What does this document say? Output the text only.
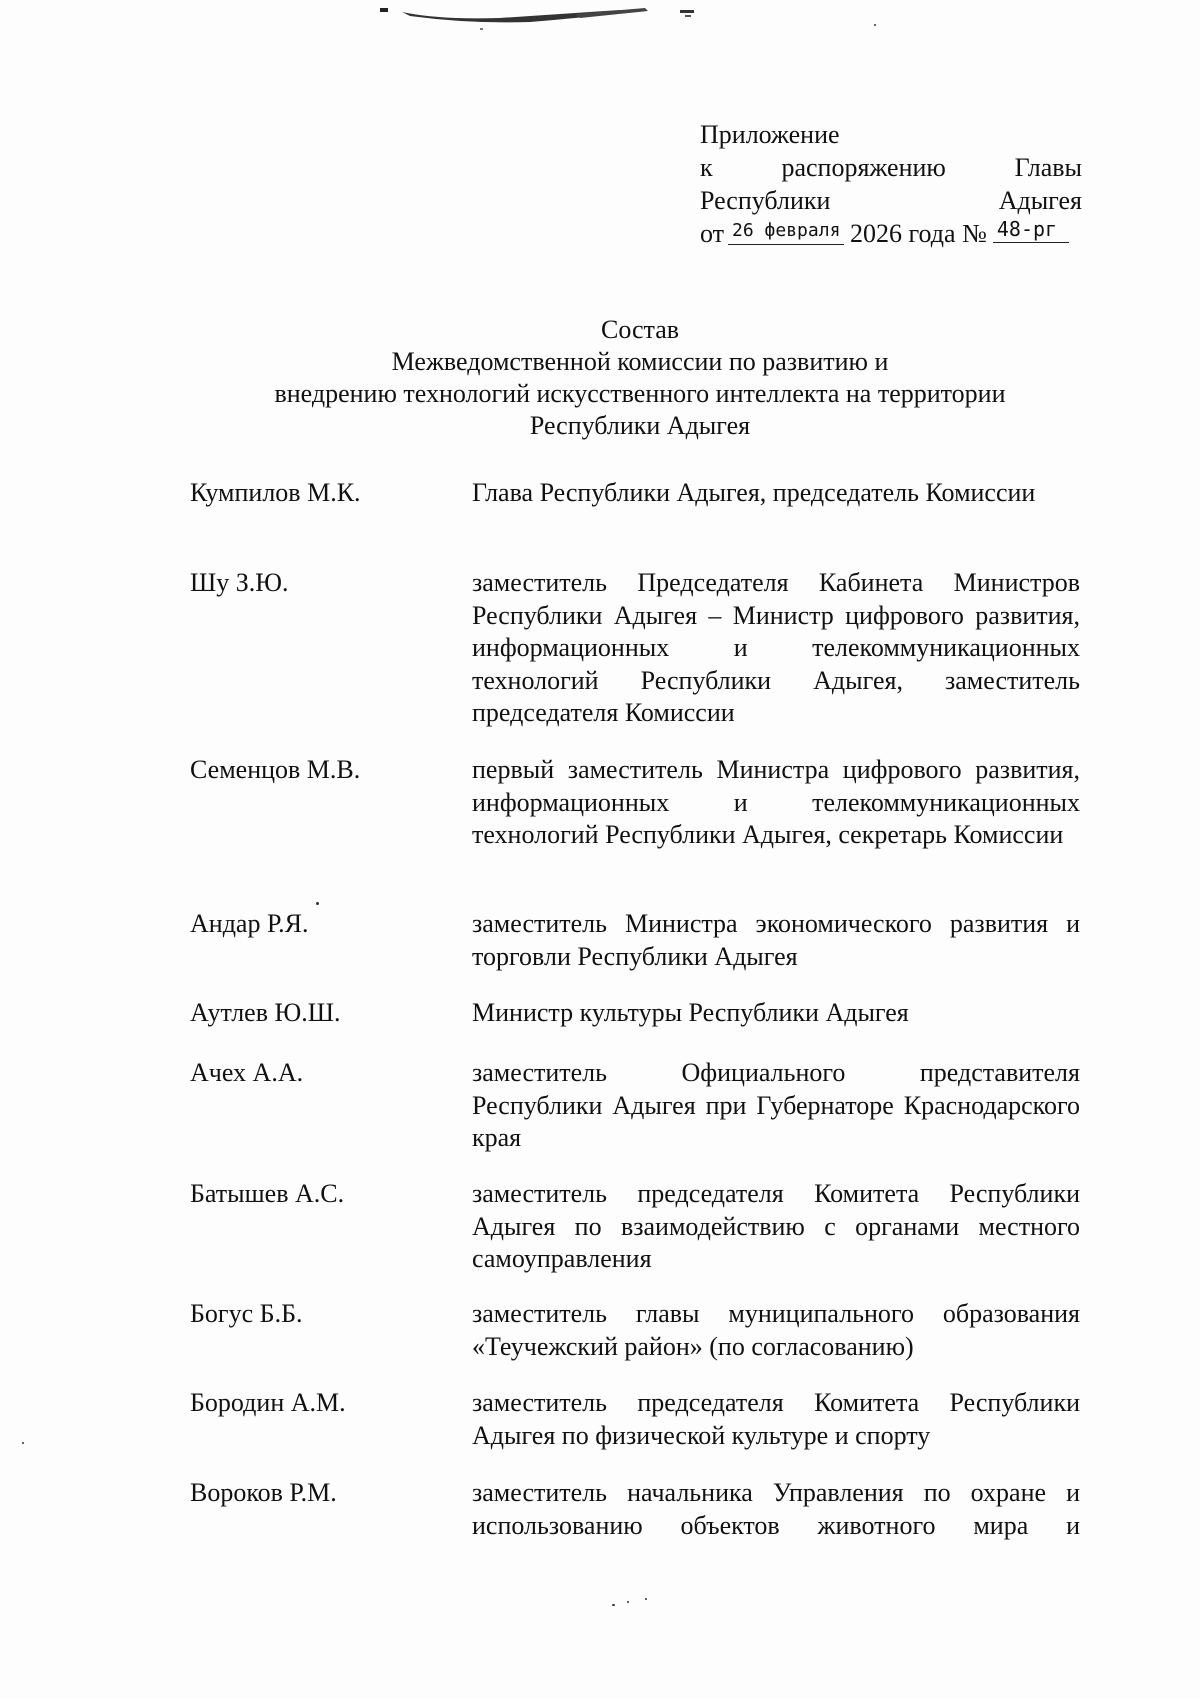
Приложение
к	распоряжению	Главы
Республики	Адыгея
от 26 февраля 2026 года № 48-рг
Состав
Межведомственной комиссии по развитию и
внедрению технологий искусственного интеллекта на территории
Республики Адыгея
Кумпилов М.К.	Глава Республики Адыгея, председатель Комиссии
Шу З.Ю.	заместитель Председателя Кабинета Министров Республики Адыгея – Министр цифрового развития, информационных и телекоммуникационных технологий Республики Адыгея, заместитель председателя Комиссии
Семенцов М.В.	первый заместитель Министра цифрового развития, информационных и телекоммуникационных технологий Республики Адыгея, секретарь Комиссии
Андар Р.Я.	заместитель Министра экономического развития и торговли Республики Адыгея
Аутлев Ю.Ш.	Министр культуры Республики Адыгея
Ачех А.А.	заместитель Официального представителя Республики Адыгея при Губернаторе Краснодарского края
Батышев А.С.	заместитель председателя Комитета Республики Адыгея по взаимодействию с органами местного самоуправления
Богус Б.Б.	заместитель главы муниципального образования «Теучежский район» (по согласованию)
Бородин А.М.	заместитель председателя Комитета Республики Адыгея по физической культуре и спорту
Вороков Р.М.	заместитель начальника Управления по охране и использованию объектов животного мира и
